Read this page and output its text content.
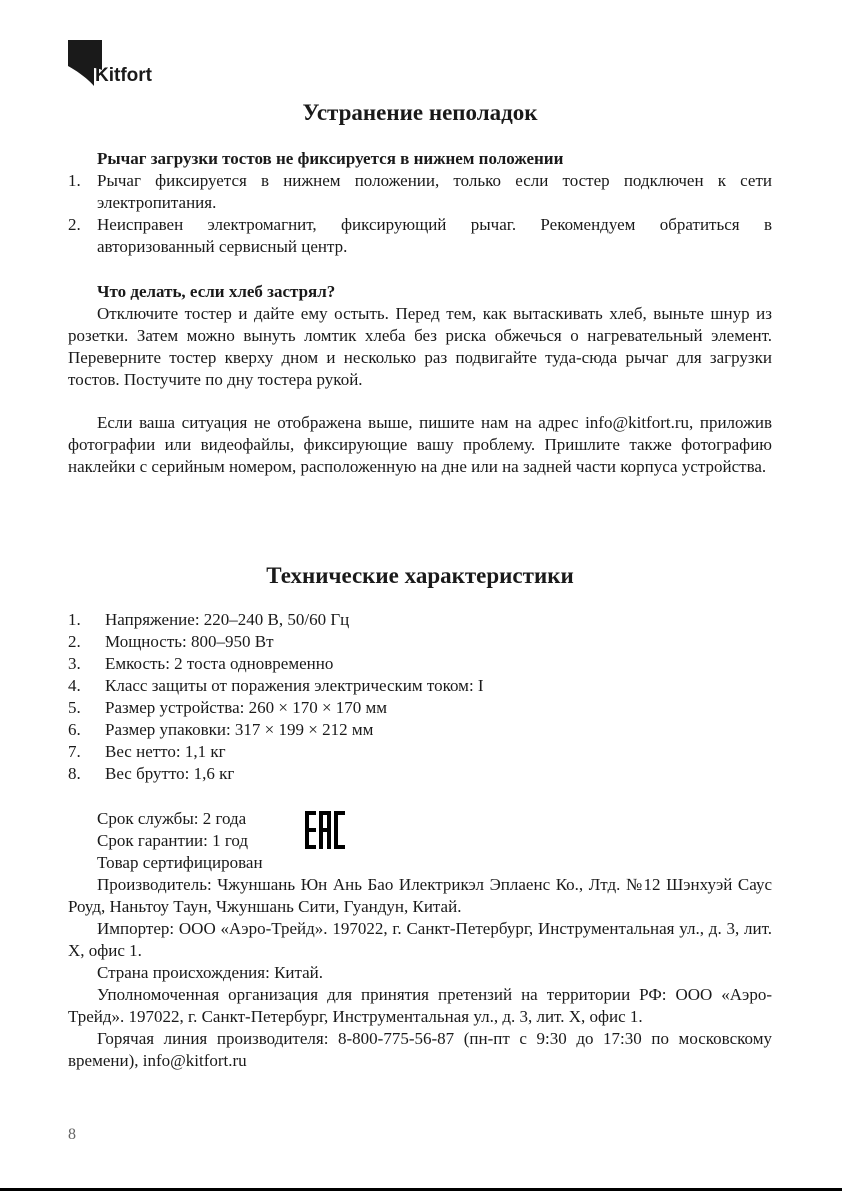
Kitfort
Устранение неполадок

Рычаг загрузки тостов не фиксируется в нижнем положении

1. Рычаг фиксируется в нижнем положении, только если тостер подключен к сети электропитания.
2. Неисправен электромагнит, фиксирующий рычаг. Рекомендуем обратиться в авторизованный сервисный центр.

Что делать, если хлеб застрял?

Отключите тостер и дайте ему остыть. Перед тем, как вытаскивать хлеб, выньте шнур из розетки. Затем можно вынуть ломтик хлеба без риска обжечься о нагревательный элемент. Переверните тостер кверху дном и несколько раз подвигайте туда-сюда рычаг для загрузки тостов. Постучите по дну тостера рукой.

Если ваша ситуация не отображена выше, пишите нам на адрес info@kitfort.ru, приложив фотографии или видеофайлы, фиксирующие вашу проблему. Пришлите также фотографию наклейки с серийным номером, расположенную на дне или на задней части корпуса устройства.

Технические характеристики
1. Напряжение: 220–240 В, 50/60 Гц
2. Мощность: 800–950 Вт
3. Емкость: 2 тоста одновременно
4. Класс защиты от поражения электрическим током: I
5. Размер устройства: 260 × 170 × 170 мм
6. Размер упаковки: 317 × 199 × 212 мм
7. Вес нетто: 1,1 кг
8. Вес брутто: 1,6 кг

Срок службы: 2 года

Срок гарантии: 1 год

Товар сертифицирован

Производитель: Чжуншань Юн Ань Бао Илектрикэл Эплаенс Ко., Лтд. №12 Шэнхуэй Саус Роуд, Наньтоу Таун, Чжуншань Сити, Гуандун, Китай.

Импортер: ООО «Аэро-Трейд». 197022, г. Санкт-Петербург, Инструментальная ул., д. 3, лит. Х, офис 1.

Страна происхождения: Китай.

Уполномоченная организация для принятия претензий на территории РФ: ООО «Аэро-Трейд». 197022, г. Санкт-Петербург, Инструментальная ул., д. 3, лит. Х, офис 1.

Горячая линия производителя: 8-800-775-56-87 (пн-пт с 9:30 до 17:30 по московскому времени), info@kitfort.ru

8
